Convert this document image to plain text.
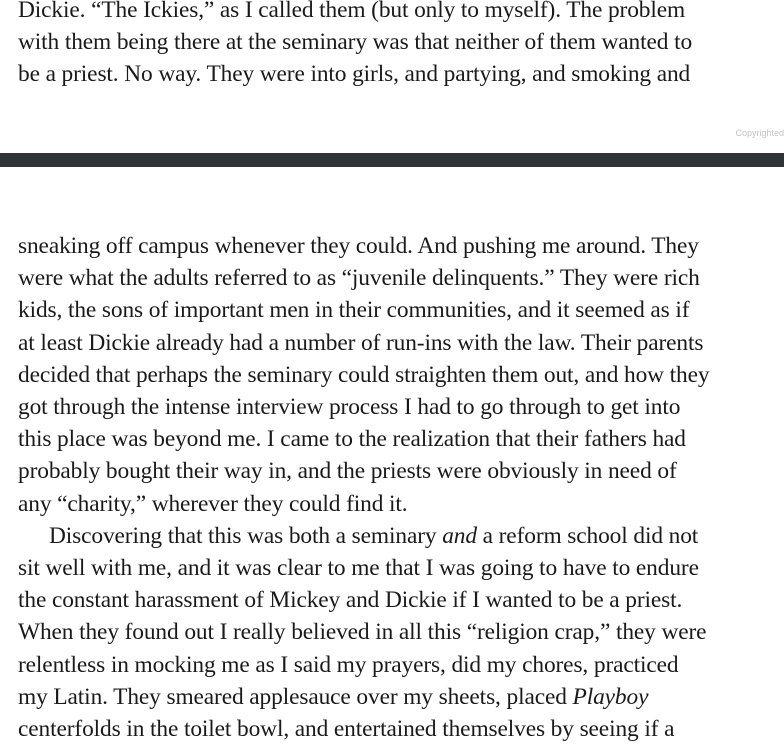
Dickie. “The Ickies,” as I called them (but only to myself). The problem
with them being there at the seminary was that neither of them wanted to
be a priest. No way. They were into girls, and partying, and smoking and
Copyrighted
sneaking off campus whenever they could. And pushing me around. They
were what the adults referred to as “juvenile delinquents.” They were rich
kids, the sons of important men in their communities, and it seemed as if
at least Dickie already had a number of run-ins with the law. Their parents
decided that perhaps the seminary could straighten them out, and how they
got through the intense interview process I had to go through to get into
this place was beyond me. I came to the realization that their fathers had
probably bought their way in, and the priests were obviously in need of
any “charity,” wherever they could find it.
Discovering that this was both a seminary and a reform school did not
sit well with me, and it was clear to me that I was going to have to endure
the constant harassment of Mickey and Dickie if I wanted to be a priest.
When they found out I really believed in all this “religion crap,” they were
relentless in mocking me as I said my prayers, did my chores, practiced
my Latin. They smeared applesauce over my sheets, placed Playboy
centerfolds in the toilet bowl, and entertained themselves by seeing if a
